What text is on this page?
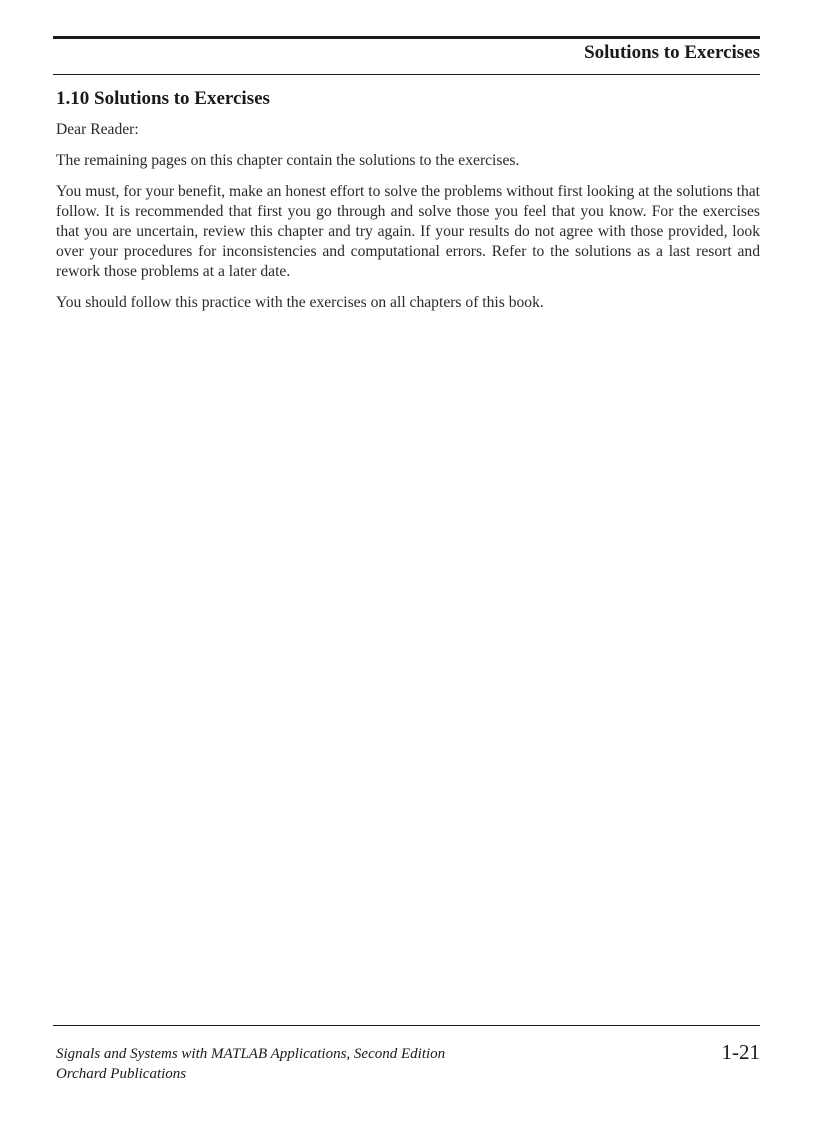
Solutions to Exercises
1.10 Solutions to Exercises

Dear Reader:

The remaining pages on this chapter contain the solutions to the exercises.

You must, for your benefit, make an honest effort to solve the problems without first looking at the solutions that follow. It is recommended that first you go through and solve those you feel that you know. For the exercises that you are uncertain, review this chapter and try again. If your results do not agree with those provided, look over your procedures for inconsistencies and computational errors. Refer to the solutions as a last resort and rework those problems at a later date.

You should follow this practice with the exercises on all chapters of this book.

Signals and Systems with MATLAB Applications, Second Edition
Orchard Publications
1-21
